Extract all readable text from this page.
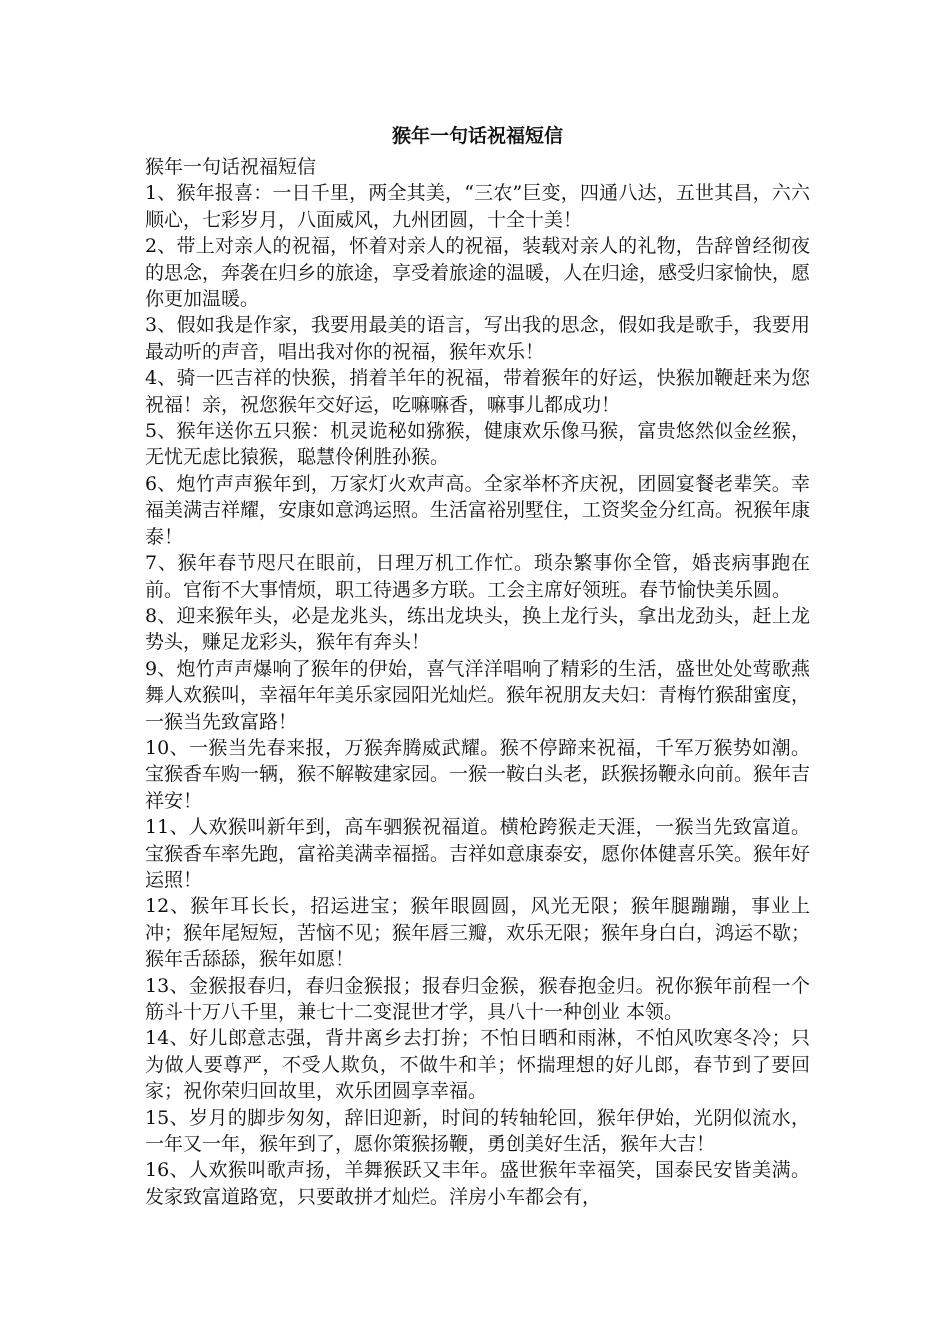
猴年一句话祝福短信

猴年一句话祝福短信

1、猴年报喜：一日千里，两全其美，“三农”巨变，四通八达，五世其昌，六六顺心，七彩岁月，八面威风，九州团圆，十全十美！

2、带上对亲人的祝福，怀着对亲人的祝福，装载对亲人的礼物，告辞曾经彻夜的思念，奔袭在归乡的旅途，享受着旅途的温暖，人在归途，感受归家愉快，愿你更加温暖。

3、假如我是作家，我要用最美的语言，写出我的思念，假如我是歌手，我要用最动听的声音，唱出我对你的祝福，猴年欢乐！

4、骑一匹吉祥的快猴，捎着羊年的祝福，带着猴年的好运，快猴加鞭赶来为您祝福！亲，祝您猴年交好运，吃嘛嘛香，嘛事儿都成功！

5、猴年送你五只猴：机灵诡秘如猕猴，健康欢乐像马猴，富贵悠然似金丝猴，无忧无虑比猿猴，聪慧伶俐胜孙猴。

6、炮竹声声猴年到，万家灯火欢声高。全家举杯齐庆祝，团圆宴餐老辈笑。幸福美满吉祥耀，安康如意鸿运照。生活富裕别墅住，工资奖金分红高。祝猴年康泰！

7、猴年春节咫尺在眼前，日理万机工作忙。琐杂繁事你全管，婚丧病事跑在前。官衔不大事情烦，职工待遇多方联。工会主席好领班。春节愉快美乐圆。

8、迎来猴年头，必是龙兆头，练出龙块头，换上龙行头，拿出龙劲头，赶上龙势头，赚足龙彩头，猴年有奔头！

9、炮竹声声爆响了猴年的伊始，喜气洋洋唱响了精彩的生活，盛世处处莺歌燕舞人欢猴叫，幸福年年美乐家园阳光灿烂。猴年祝朋友夫妇：青梅竹猴甜蜜度，一猴当先致富路！

10、一猴当先春来报，万猴奔腾威武耀。猴不停蹄来祝福，千军万猴势如潮。宝猴香车购一辆，猴不解鞍建家园。一猴一鞍白头老，跃猴扬鞭永向前。猴年吉祥安！

11、人欢猴叫新年到，高车驷猴祝福道。横枪跨猴走天涯，一猴当先致富道。宝猴香车率先跑，富裕美满幸福摇。吉祥如意康泰安，愿你体健喜乐笑。猴年好运照！

12、猴年耳长长，招运进宝；猴年眼圆圆，风光无限；猴年腿蹦蹦，事业上冲；猴年尾短短，苦恼不见；猴年唇三瓣，欢乐无限；猴年身白白，鸿运不歇；猴年舌舔舔，猴年如愿！

13、金猴报春归，春归金猴报；报春归金猴，猴春抱金归。祝你猴年前程一个筋斗十万八千里，兼七十二变混世才学，具八十一种创业 本领。

14、好儿郎意志强，背井离乡去打拚；不怕日晒和雨淋，不怕风吹寒冬冷；只为做人要尊严，不受人欺负，不做牛和羊；怀揣理想的好儿郎，春节到了要回家；祝你荣归回故里，欢乐团圆享幸福。

15、岁月的脚步匆匆，辞旧迎新，时间的转轴轮回，猴年伊始，光阴似流水，一年又一年，猴年到了，愿你策猴扬鞭，勇创美好生活，猴年大吉！

16、人欢猴叫歌声扬，羊舞猴跃又丰年。盛世猴年幸福笑，国泰民安皆美满。发家致富道路宽，只要敢拼才灿烂。洋房小车都会有，
